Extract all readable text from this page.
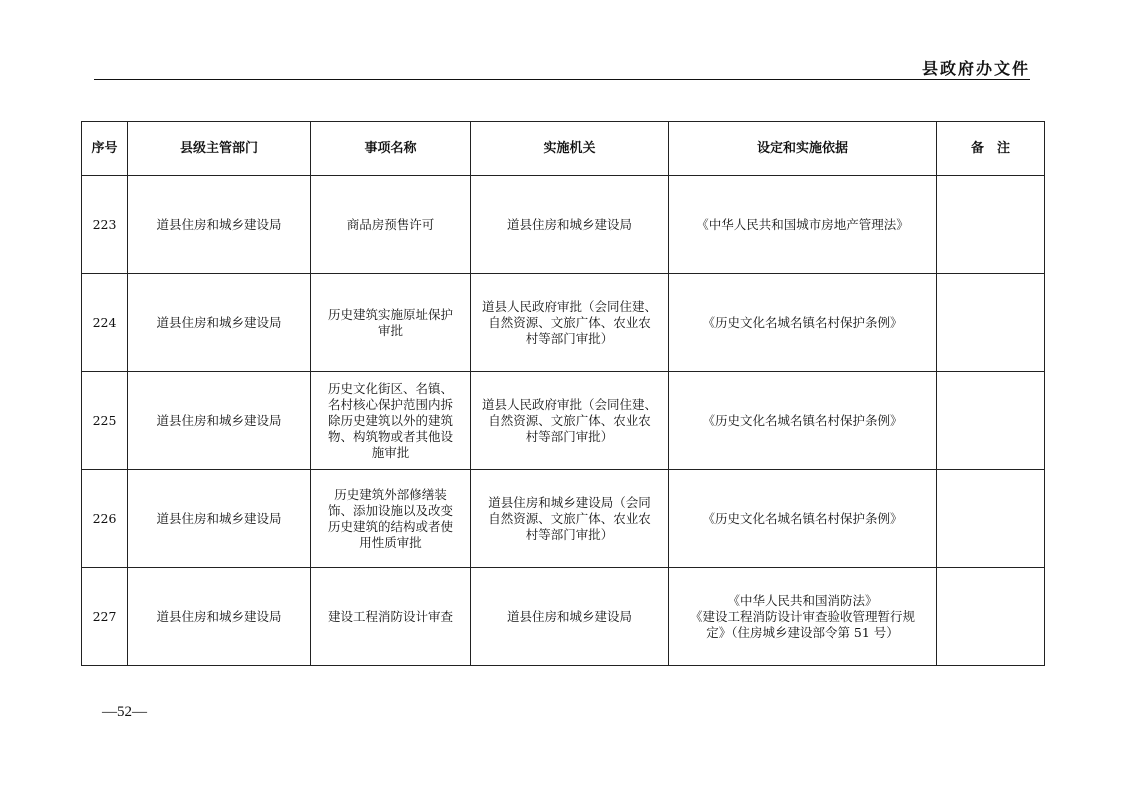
县政府办文件
序号	县级主管部门	事项名称	实施机关	设定和实施依据	备　注
223	道县住房和城乡建设局	商品房预售许可	道县住房和城乡建设局	《中华人民共和国城市房地产管理法》	
224	道县住房和城乡建设局	历史建筑实施原址保护
审批	道县人民政府审批（会同住建、
自然资源、文旅广体、农业农
村等部门审批）	《历史文化名城名镇名村保护条例》	
225	道县住房和城乡建设局	历史文化街区、名镇、
名村核心保护范围内拆
除历史建筑以外的建筑
物、构筑物或者其他设
施审批	道县人民政府审批（会同住建、
自然资源、文旅广体、农业农
村等部门审批）	《历史文化名城名镇名村保护条例》	
226	道县住房和城乡建设局	历史建筑外部修缮装
饰、添加设施以及改变
历史建筑的结构或者使
用性质审批	道县住房和城乡建设局（会同
自然资源、文旅广体、农业农
村等部门审批）	《历史文化名城名镇名村保护条例》	
227	道县住房和城乡建设局	建设工程消防设计审查	道县住房和城乡建设局	《中华人民共和国消防法》
《建设工程消防设计审查验收管理暂行规
定》（住房城乡建设部令第 51 号）	
—52—
